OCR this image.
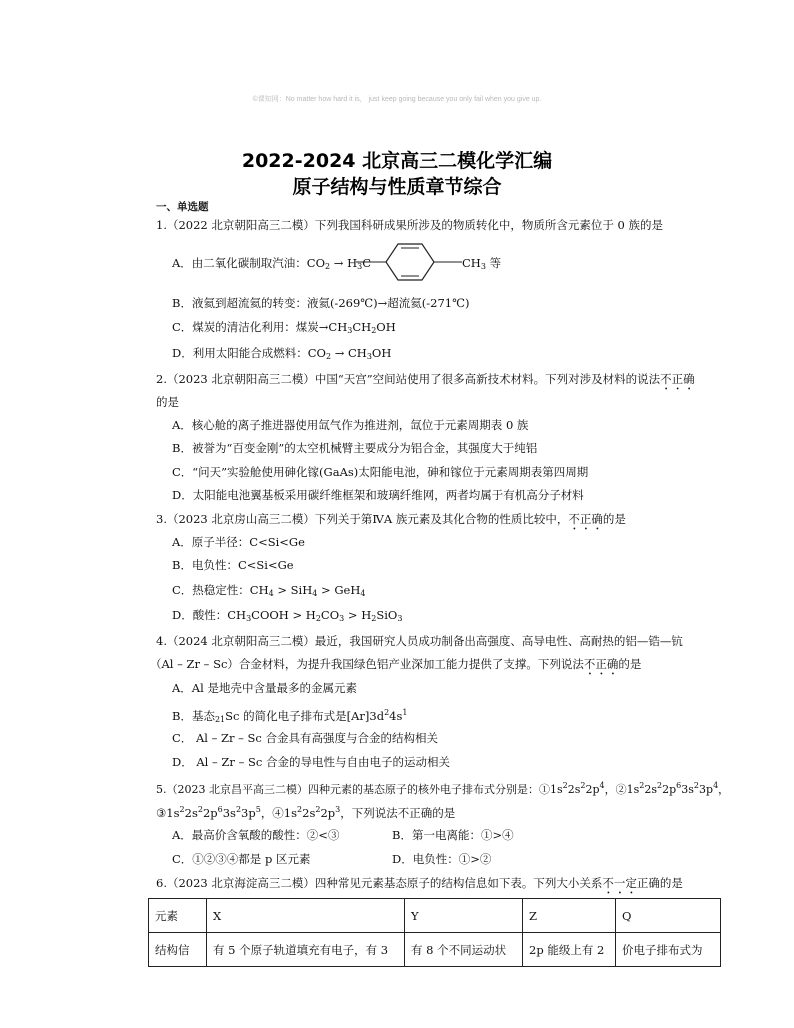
©课知网：No matter how hard it is， just keep going because you only fail when you give up.
2022-2024 北京高三二模化学汇编
原子结构与性质章节综合
一、单选题
1.（2022 北京朝阳高三二模）下列我国科研成果所涉及的物质转化中，物质所含元素位于 0 族的是
A．由二氧化碳制取汽油：$CO_2 \to H_3C$	$CH_3$ 等
B．液氦到超流氦的转变：液氦(-269℃)→超流氦(-271℃)
C．煤炭的清洁化利用：煤炭$\to CH_3CH_2OH$
D．利用太阳能合成燃料：$CO_2 \to CH_3OH$
2.（2023 北京朝阳高三二模）中国“天宫”空间站使用了很多高新技术材料。下列对涉及材料的说法不正确
的是
A．核心舱的离子推进器使用氙气作为推进剂，氙位于元素周期表 0 族
B．被誉为“百变金刚”的太空机械臂主要成分为铝合金，其强度大于纯铝
C．“问天”实验舱使用砷化镓(GaAs)太阳能电池，砷和镓位于元素周期表第四周期
D．太阳能电池翼基板采用碳纤维框架和玻璃纤维网，两者均属于有机高分子材料
3.（2023 北京房山高三二模）下列关于第ⅣA 族元素及其化合物的性质比较中，不正确的是
A．原子半径：C<Si<Ge
B．电负性：C<Si<Ge
C．热稳定性：$CH_4 > SiH_4 > GeH_4$
D．酸性：$CH_3COOH > H_2CO_3 > H_2SiO_3$
4.（2024 北京朝阳高三二模）最近，我国研究人员成功制备出高强度、高导电性、高耐热的铝—锆—钪
（Al – Zr – Sc）合金材料，为提升我国绿色铝产业深加工能力提供了支撑。下列说法不正确的是
A．Al 是地壳中含量最多的金属元素
B．基态$_{21}$Sc 的简化电子排布式是$[Ar]3d^24s^1$
C． Al – Zr – Sc 合金具有高强度与合金的结构相关
D． Al – Zr – Sc 合金的导电性与自由电子的运动相关
5.（2023 北京昌平高三二模）四种元素的基态原子的核外电子排布式分别是：$①1s^22s^22p^4$，$②1s^22s^22p^63s^23p^4$，
$③1s^22s^22p^63s^23p^5$，$④1s^22s^22p^3$，下列说法不正确的是
A．最高价含氧酸的酸性：②<③	B．第一电离能：①>④
C．①②③④都是 p 区元素	D．电负性：①>②
6.（2023 北京海淀高三二模）四种常见元素基态原子的结构信息如下表。下列大小关系不一定正确的是
元素	X	Y	Z	Q
结构信	有 5 个原子轨道填充有电子，有 3	有 8 个不同运动状	2p 能级上有 2	价电子排布式为
